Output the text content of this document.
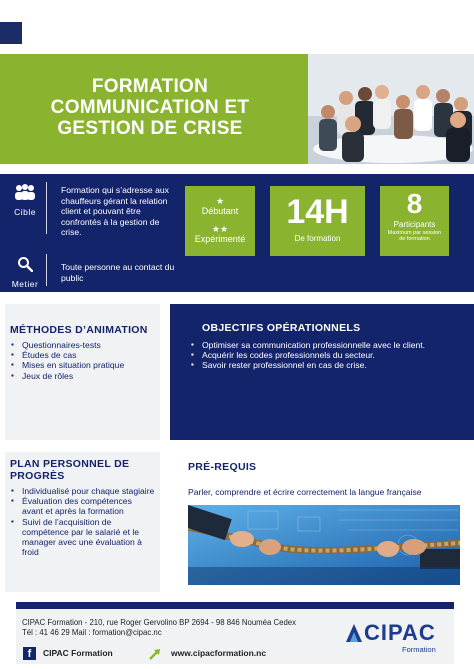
FORMATION
COMMUNICATION ET
GESTION DE CRISE
Cible
Formation qui s’adresse aux chauffeurs gérant la relation client et pouvant être confrontés à la gestion de crise.
Metier
Toute personne au contact du public
★
Débutant
★★
Expérimenté
14H
De formation
8
Participants
Maximum par session de formation
MÉTHODES D’ANIMATION
▪ Questionnaires-tests
▪ Études de cas
▪ Mises en situation pratique
▪ Jeux de rôles
OBJECTIFS OPÉRATIONNELS
▪ Optimiser sa communication professionnelle avec le client.
▪ Acquérir les codes professionnels du secteur.
▪ Savoir rester professionnel en cas de crise.
PLAN PERSONNEL DE
PROGRÈS
▪ Individualisé pour chaque stagiaire
▪ Évaluation des compétences avant et après la formation
▪ Suivi de l’acquisition de compétence par le salarié et le manager avec une évaluation à froid
PRÉ-REQUIS
Parler, comprendre et écrire correctement la langue française
CIPAC Formation - 210, rue Roger Gervolino BP 2694 - 98 846 Nouméa Cedex
Tél : 41 46 29 Mail : formation@cipac.nc
f	CIPAC Formation	www.cipacformation.nc
CIPAC
Formation
